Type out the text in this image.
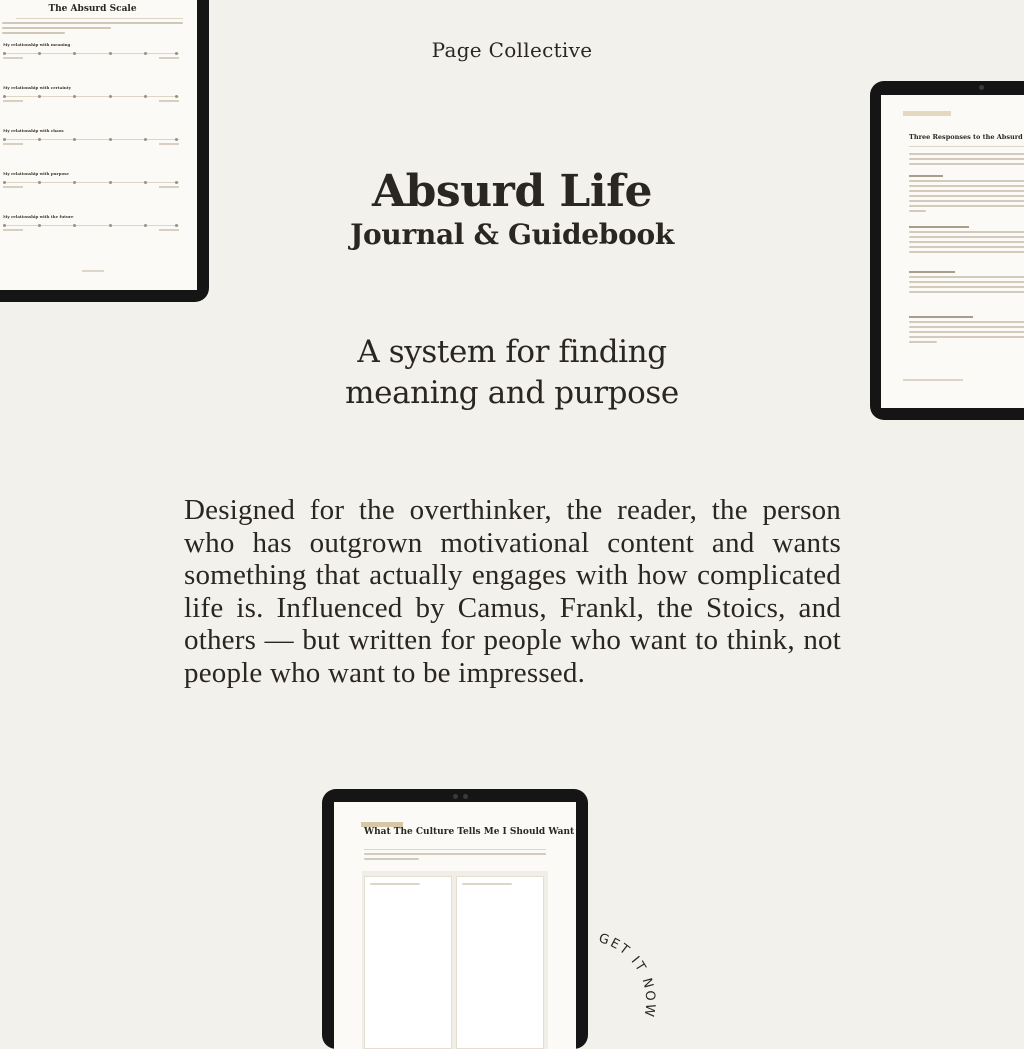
Page Collective
Absurd Life
Journal & Guidebook
A system for finding
meaning and purpose
Designed for the overthinker, the reader, the person who has outgrown motivational content and wants something that actually engages with how complicated life is. Influenced by Camus, Frankl, the Stoics, and others — but written for people who want to think, not people who want to be impressed.
The Absurd Scale
My relationship with meaning
My relationship with certainty
My relationship with chaos
My relationship with purpose
My relationship with the future
Three Responses to the Absurd
What The Culture Tells Me I Should Want
GET IT NOW
